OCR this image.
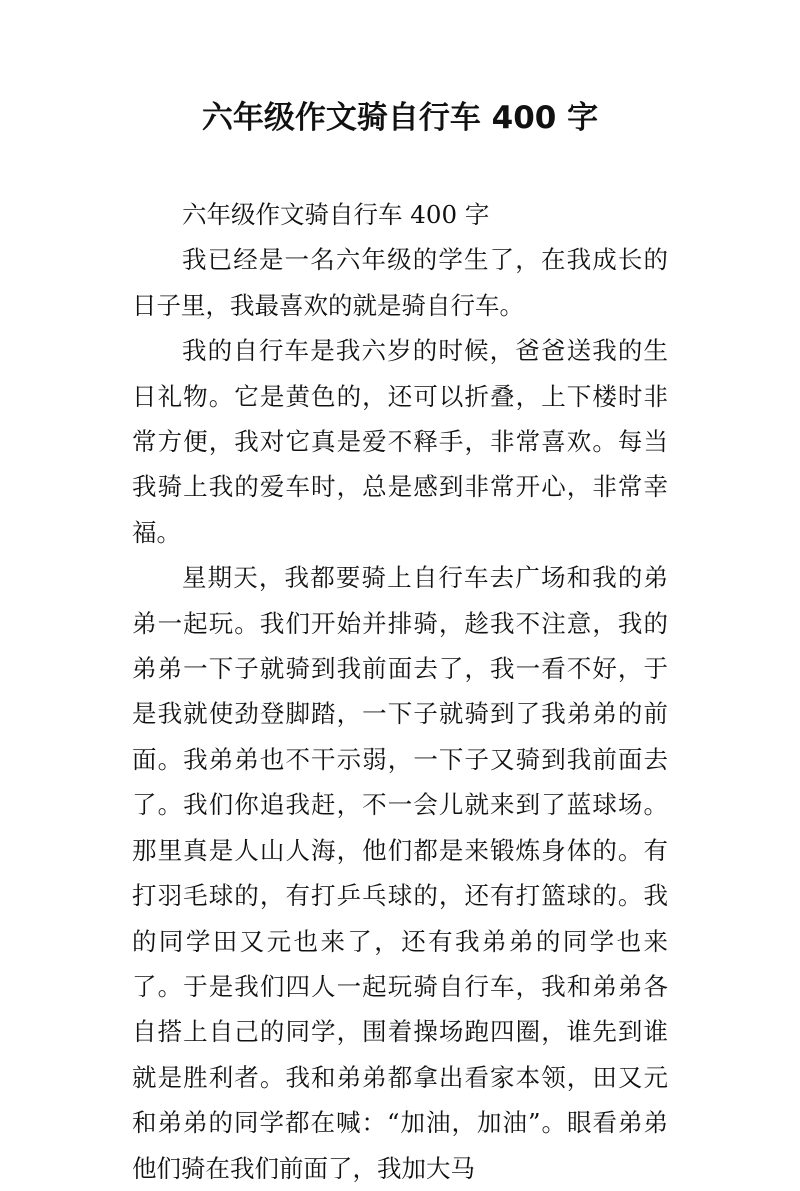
六年级作文骑自行车 400 字

六年级作文骑自行车 400 字

我已经是一名六年级的学生了，在我成长的日子里，我最喜欢的就是骑自行车。

我的自行车是我六岁的时候，爸爸送我的生日礼物。它是黄色的，还可以折叠，上下楼时非常方便，我对它真是爱不释手，非常喜欢。每当我骑上我的爱车时，总是感到非常开心，非常幸福。

星期天，我都要骑上自行车去广场和我的弟弟一起玩。我们开始并排骑，趁我不注意，我的弟弟一下子就骑到我前面去了，我一看不好，于是我就使劲登脚踏，一下子就骑到了我弟弟的前面。我弟弟也不干示弱，一下子又骑到我前面去了。我们你追我赶，不一会儿就来到了蓝球场。那里真是人山人海，他们都是来锻炼身体的。有打羽毛球的，有打乒乓球的，还有打篮球的。我的同学田又元也来了，还有我弟弟的同学也来了。于是我们四人一起玩骑自行车，我和弟弟各自搭上自己的同学，围着操场跑四圈，谁先到谁就是胜利者。我和弟弟都拿出看家本领，田又元和弟弟的同学都在喊：“加油，加油”。眼看弟弟他们骑在我们前面了，我加大马
